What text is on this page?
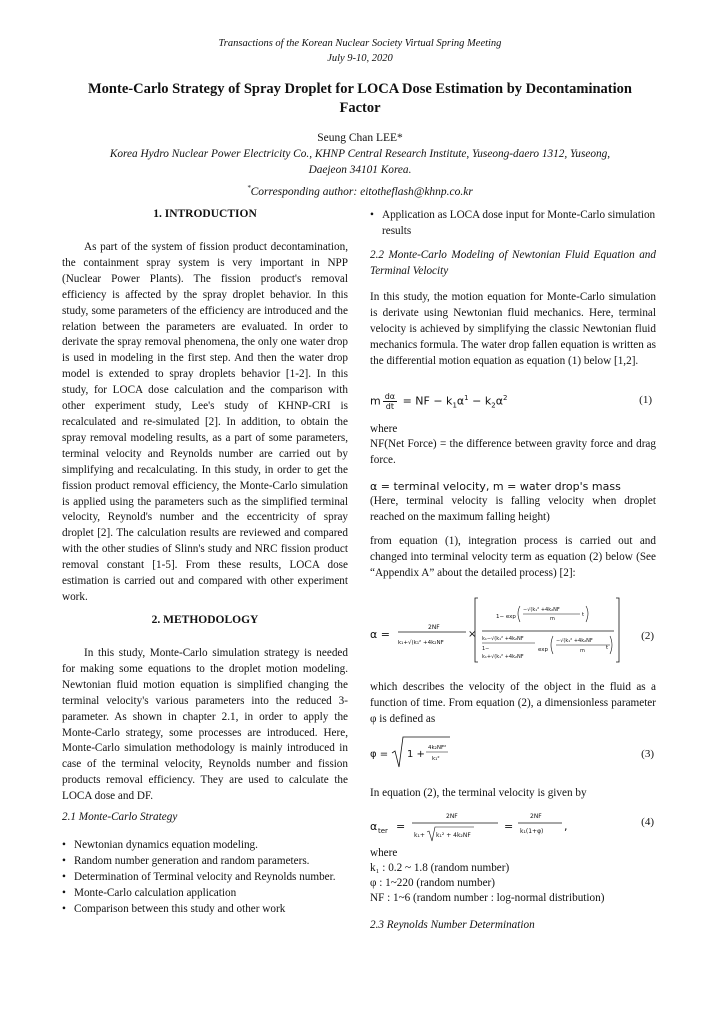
Transactions of the Korean Nuclear Society Virtual Spring Meeting
July 9-10, 2020
Monte-Carlo Strategy of Spray Droplet for LOCA Dose Estimation by Decontamination
Factor
Seung Chan LEE*
Korea Hydro Nuclear Power Electricity Co., KHNP Central Research Institute, Yuseong-daero 1312, Yuseong,
Daejeon 34101 Korea.
*Corresponding author: eitotheflash@khnp.co.kr
1. INTRODUCTION
As part of the system of fission product decontamination, the containment spray system is very important in NPP (Nuclear Power Plants). The fission product's removal efficiency is affected by the spray droplet behavior. In this study, some parameters of the efficiency are introduced and the relation between the parameters are evaluated. In order to derivate the spray removal phenomena, the only one water drop is used in modeling in the first step. And then the water drop model is extended to spray droplets behavior [1-2]. In this study, for LOCA dose calculation and the comparison with other experiment study, Lee's study of KHNP-CRI is recalculated and re-simulated [2]. In addition, to obtain the spray removal modeling results, as a part of some parameters, terminal velocity and Reynolds number are carried out by simplifying and recalculating. In this study, in order to get the fission product removal efficiency, the Monte-Carlo simulation is applied using the parameters such as the simplified terminal velocity, Reynold's number and the eccentricity of spray droplet [2]. The calculation results are reviewed and compared with the other studies of Slinn's study and NRC fission product removal constant [1-5]. From these results, LOCA dose estimation is carried out and compared with other experiment work.
2. METHODOLOGY
In this study, Monte-Carlo simulation strategy is needed for making some equations to the droplet motion modeling. Newtonian fluid motion equation is simplified changing the terminal velocity's various parameters into the reduced 3-parameter. As shown in chapter 2.1, in order to apply the Monte-Carlo strategy, some processes are introduced. Here, Monte-Carlo simulation methodology is mainly introduced in case of the terminal velocity, Reynolds number and fission products removal efficiency. They are used to calculate the LOCA dose and DF.
2.1 Monte-Carlo Strategy
• Newtonian dynamics equation modeling.
• Random number generation and random parameters.
• Determination of Terminal velocity and Reynolds number.
• Monte-Carlo calculation application
• Comparison between this study and other work
• Application as LOCA dose input for Monte-Carlo simulation results
2.2 Monte-Carlo Modeling of Newtonian Fluid Equation and Terminal Velocity
In this study, the motion equation for Monte-Carlo simulation is derivate using Newtonian fluid mechanics. Here, terminal velocity is achieved by simplifying the classic Newtonian fluid mechanics formula. The water drop fallen equation is written as the differential motion equation as equation (1) below [1,2].
m $\frac{d\alpha}{dt}$ = NF − $k_1\alpha^1 - k_2\alpha^2$	(1)
where
NF(Net Force) = the difference between gravity force and drag force.
α = terminal velocity, m = water drop's mass
(Here, terminal velocity is falling velocity when droplet reached on the maximum falling height)
from equation (1), integration process is carried out and changed into terminal velocity term as equation (2) below (See “Appendix A” about the detailed process) [2]:
α =
2NF
k₁+√(k₁² +4k₂NF
×
1− exp
−√(k₁² +4k₂NF
m
t
k₁−√(k₁² +4k₂NF
1−
k₁+√(k₁² +4k₂NF
exp
−√(k₁² +4k₂NF
m	t
(2)
which describes the velocity of the object in the fluid as a function of time. From equation (2), a dimensionless parameter φ is defined as
φ = 1 +
4k₂NF²
k₁²	(3)
In equation (2), the terminal velocity is given by
α ter =
2NF
k₁+ k₁² + 4k₂NF
=
2NF
k₁(1+φ) ,	(4)
where
k₁ : 0.2 ~ 1.8 (random number)
φ : 1~220 (random number)
NF : 1~6 (random number : log-normal distribution)
2.3 Reynolds Number Determination
